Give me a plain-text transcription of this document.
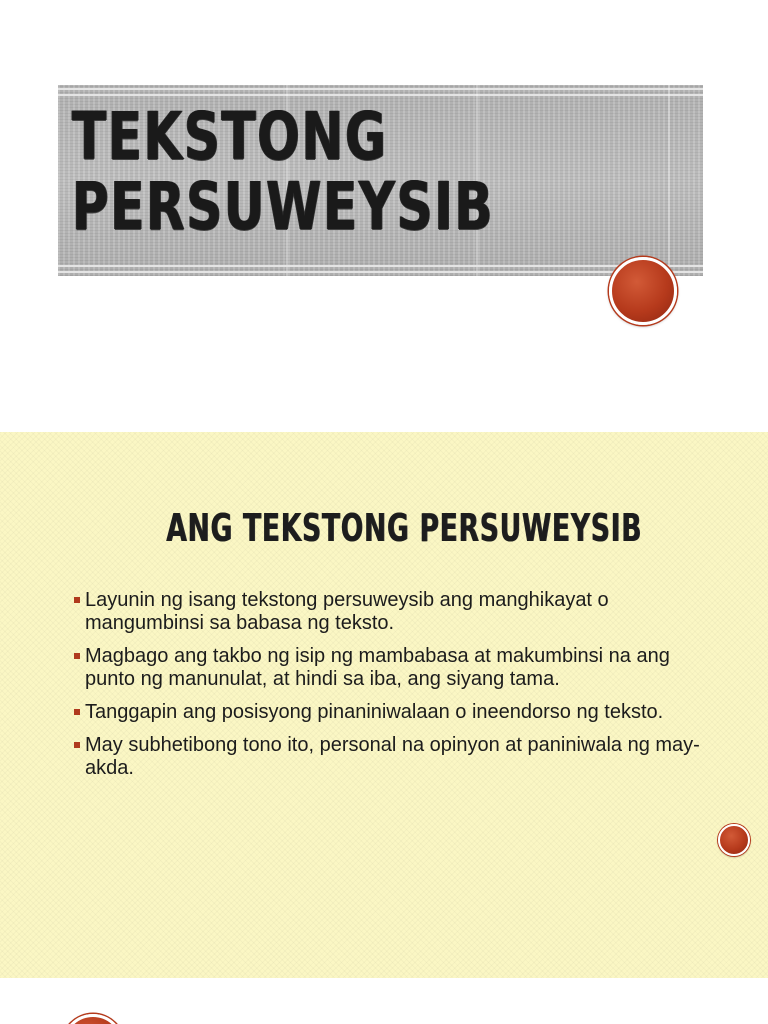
TEKSTONG
PERSUWEYSIB
ANG TEKSTONG PERSUWEYSIB
Layunin ng isang tekstong persuweysib ang manghikayat o mangumbinsi sa babasa ng teksto.
Magbago ang takbo ng isip ng mambabasa at makumbinsi na ang punto ng manunulat, at hindi sa iba, ang siyang tama.
Tanggapin ang posisyong pinaniniwalaan o ineendorso ng teksto.
May subhetibong tono ito, personal na opinyon at paniniwala ng may- akda.
